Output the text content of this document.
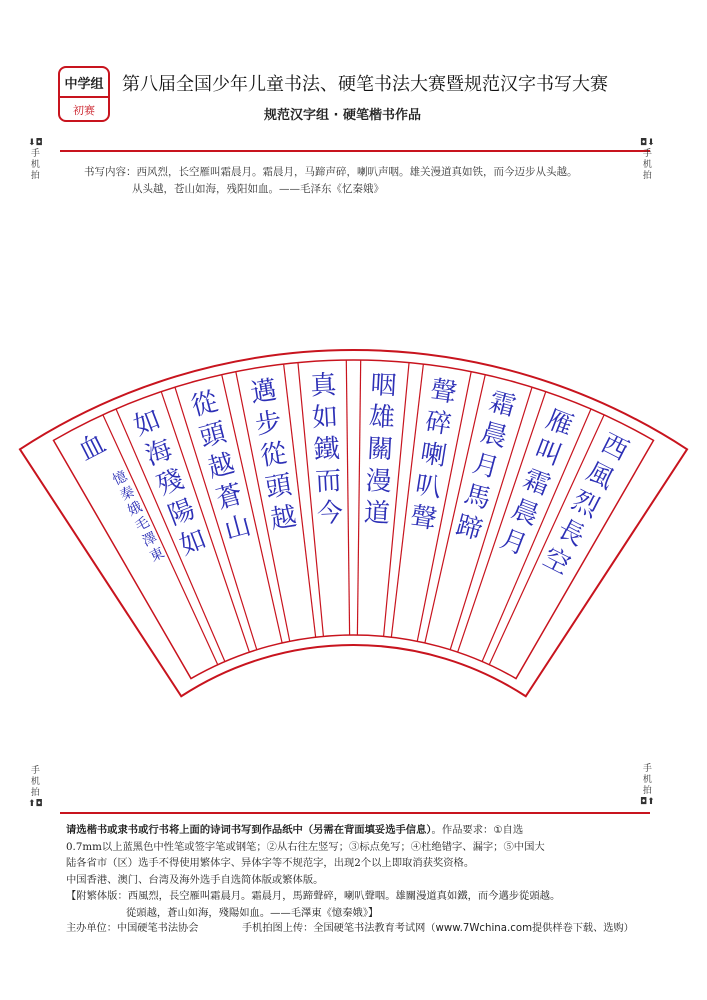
中学组
初赛
第八届全国少年儿童书法、硬笔书法大赛暨规范汉字书写大赛
规范汉字组 · 硬笔楷书作品
⬇◘
手
机
拍
◘⬇
手
机
拍
书写内容：西风烈，长空雁叫霜晨月。霜晨月，马蹄声碎，喇叭声咽。雄关漫道真如铁，而今迈步从头越。
从头越，苍山如海，残阳如血。——毛泽东《忆秦娥》
西
風
烈
長
空
雁
叫
霜
晨
月
霜
晨
月
馬
蹄
聲
碎
喇
叭
聲
咽
雄
關
漫
道
真
如
鐵
而
今
邁
步
從
頭
越
從
頭
越
蒼
山
如
海
殘
陽
如
血
憶
秦
娥
毛
澤
東
手
机
拍
⬆◘
手
机
拍
◘⬆
请选楷书或隶书或行书将上面的诗词书写到作品纸中（另需在背面填妥选手信息）。作品要求：①自选
0.7mm以上蓝黑色中性笔或签字笔或钢笔；②从右往左竖写；③标点免写；④杜绝错字、漏字；⑤中国大
陆各省市（区）选手不得使用繁体字、异体字等不规范字，出现2个以上即取消获奖资格。
中国香港、澳门、台湾及海外选手自选简体版或繁体版。
【附繁体版：西風烈，長空雁叫霜晨月。霜晨月，馬蹄聲碎，喇叭聲咽。雄關漫道真如鐵，而今邁步從頭越。
從頭越，蒼山如海，殘陽如血。——毛澤東《憶秦娥》】
主办单位：中国硬笔书法协会	手机拍图上传：全国硬笔书法教育考试网（www.7Wchina.com提供样卷下载、选购）
